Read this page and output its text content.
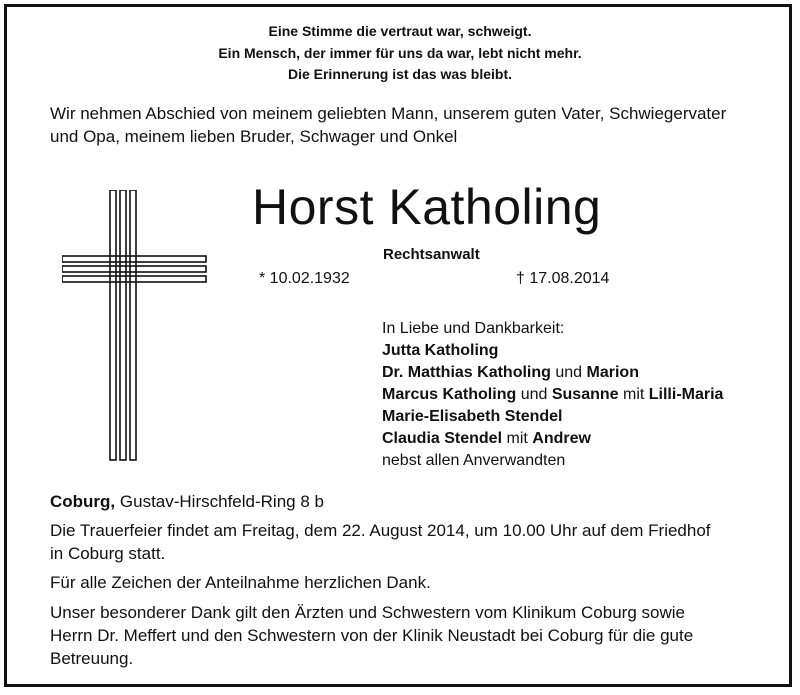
Eine Stimme die vertraut war, schweigt.
Ein Mensch, der immer für uns da war, lebt nicht mehr.
Die Erinnerung ist das was bleibt.
Wir nehmen Abschied von meinem geliebten Mann, unserem guten Vater, Schwiegervater
und Opa, meinem lieben Bruder, Schwager und Onkel
Horst Katholing
Rechtsanwalt
* 10.02.1932	† 17.08.2014
In Liebe und Dankbarkeit:
Jutta Katholing
Dr. Matthias Katholing und Marion
Marcus Katholing und Susanne mit Lilli-Maria
Marie-Elisabeth Stendel
Claudia Stendel mit Andrew
nebst allen Anverwandten
Coburg, Gustav-Hirschfeld-Ring 8 b
Die Trauerfeier findet am Freitag, dem 22. August 2014, um 10.00 Uhr auf dem Friedhof
in Coburg statt.
Für alle Zeichen der Anteilnahme herzlichen Dank.
Unser besonderer Dank gilt den Ärzten und Schwestern vom Klinikum Coburg sowie
Herrn Dr. Meffert und den Schwestern von der Klinik Neustadt bei Coburg für die gute
Betreuung.
